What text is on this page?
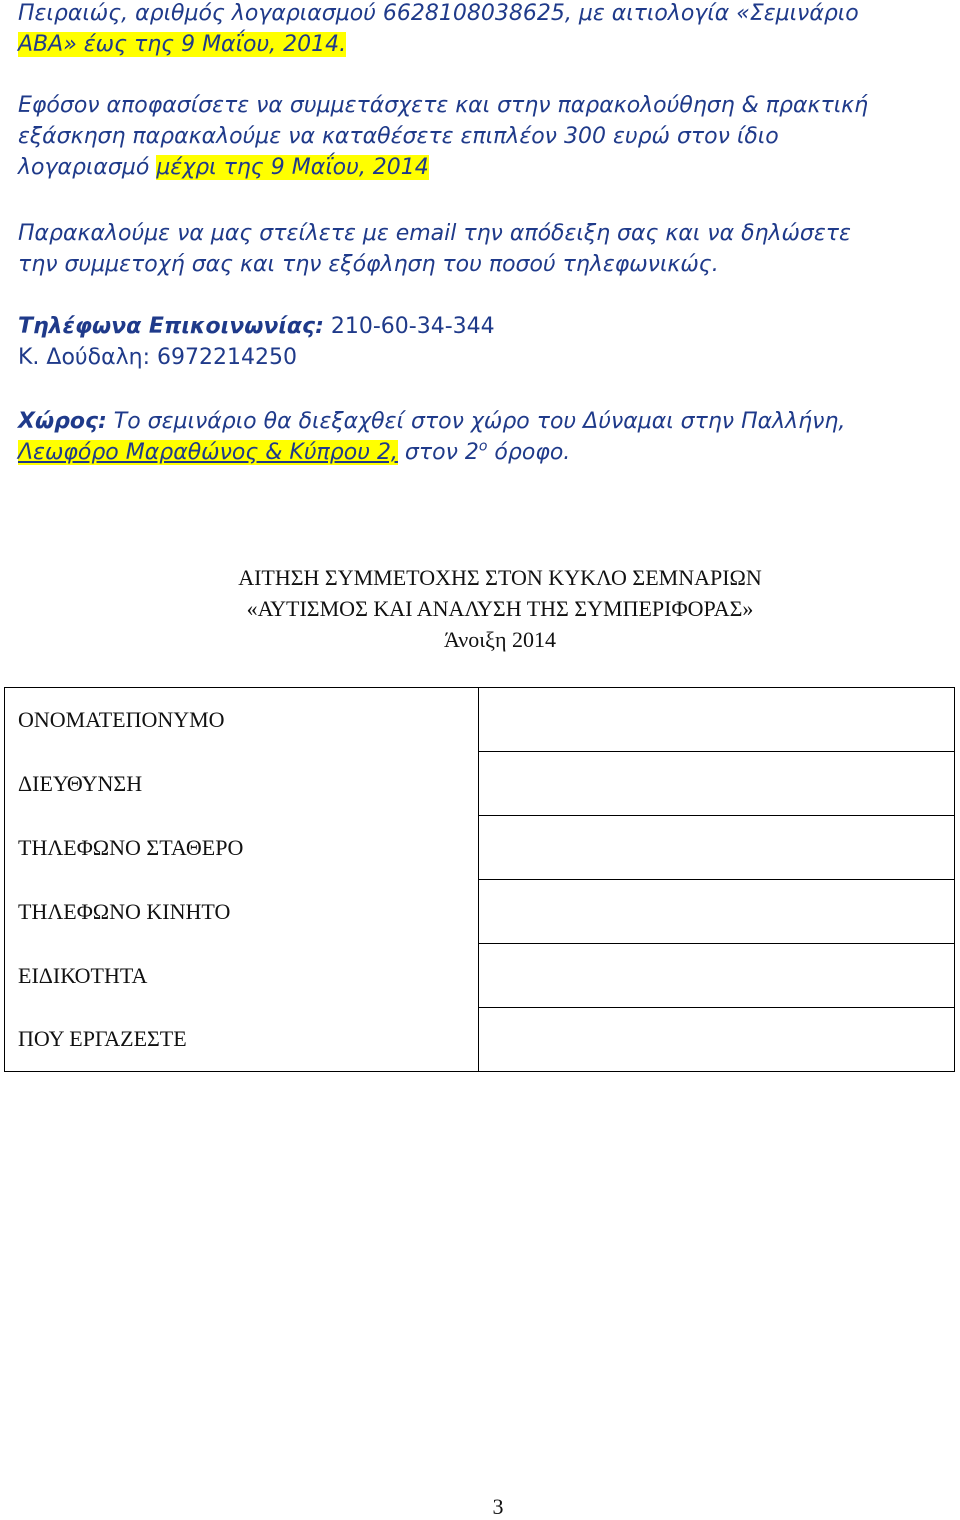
Πειραιώς, αριθμός λογαριασμού 6628108038625, με αιτιολογία «Σεμινάριο
ΑΒΑ» έως της 9 Μαΐου, 2014.

Εφόσον αποφασίσετε να συμμετάσχετε και στην παρακολούθηση & πρακτική
εξάσκηση παρακαλούμε να καταθέσετε επιπλέον 300 ευρώ στον ίδιο
λογαριασμό μέχρι της 9 Μαΐου, 2014

Παρακαλούμε να μας στείλετε με email την απόδειξη σας και να δηλώσετε
την συμμετοχή σας και την εξόφληση του ποσού τηλεφωνικώς.

Τηλέφωνα Επικοινωνίας: 210-60-34-344
Κ. Δούδαλη: 6972214250

Χώρος: Το σεμινάριο θα διεξαχθεί στον χώρο του Δύναμαι στην Παλλήνη,
Λεωφόρο Μαραθώνος & Κύπρου 2, στον $2^o$ όροφο.

ΑΙΤΗΣΗ ΣΥΜΜΕΤΟΧΗΣ ΣΤΟΝ ΚΥΚΛΟ ΣΕΜΝΑΡΙΩΝ
«ΑΥΤΙΣΜΟΣ ΚΑΙ ΑΝΑΛΥΣΗ ΤΗΣ ΣΥΜΠΕΡΙΦΟΡΑΣ»
Άνοιξη 2014
ΟΝΟΜΑΤΕΠΟΝΥΜΟ	
ΔΙΕΥΘΥΝΣΗ	
ΤΗΛΕΦΩΝΟ ΣΤΑΘΕΡΟ	
ΤΗΛΕΦΩΝΟ ΚΙΝΗΤΟ	
ΕΙΔΙΚΟΤΗΤΑ	
ΠΟΥ ΕΡΓΑΖΕΣΤΕ	
3
